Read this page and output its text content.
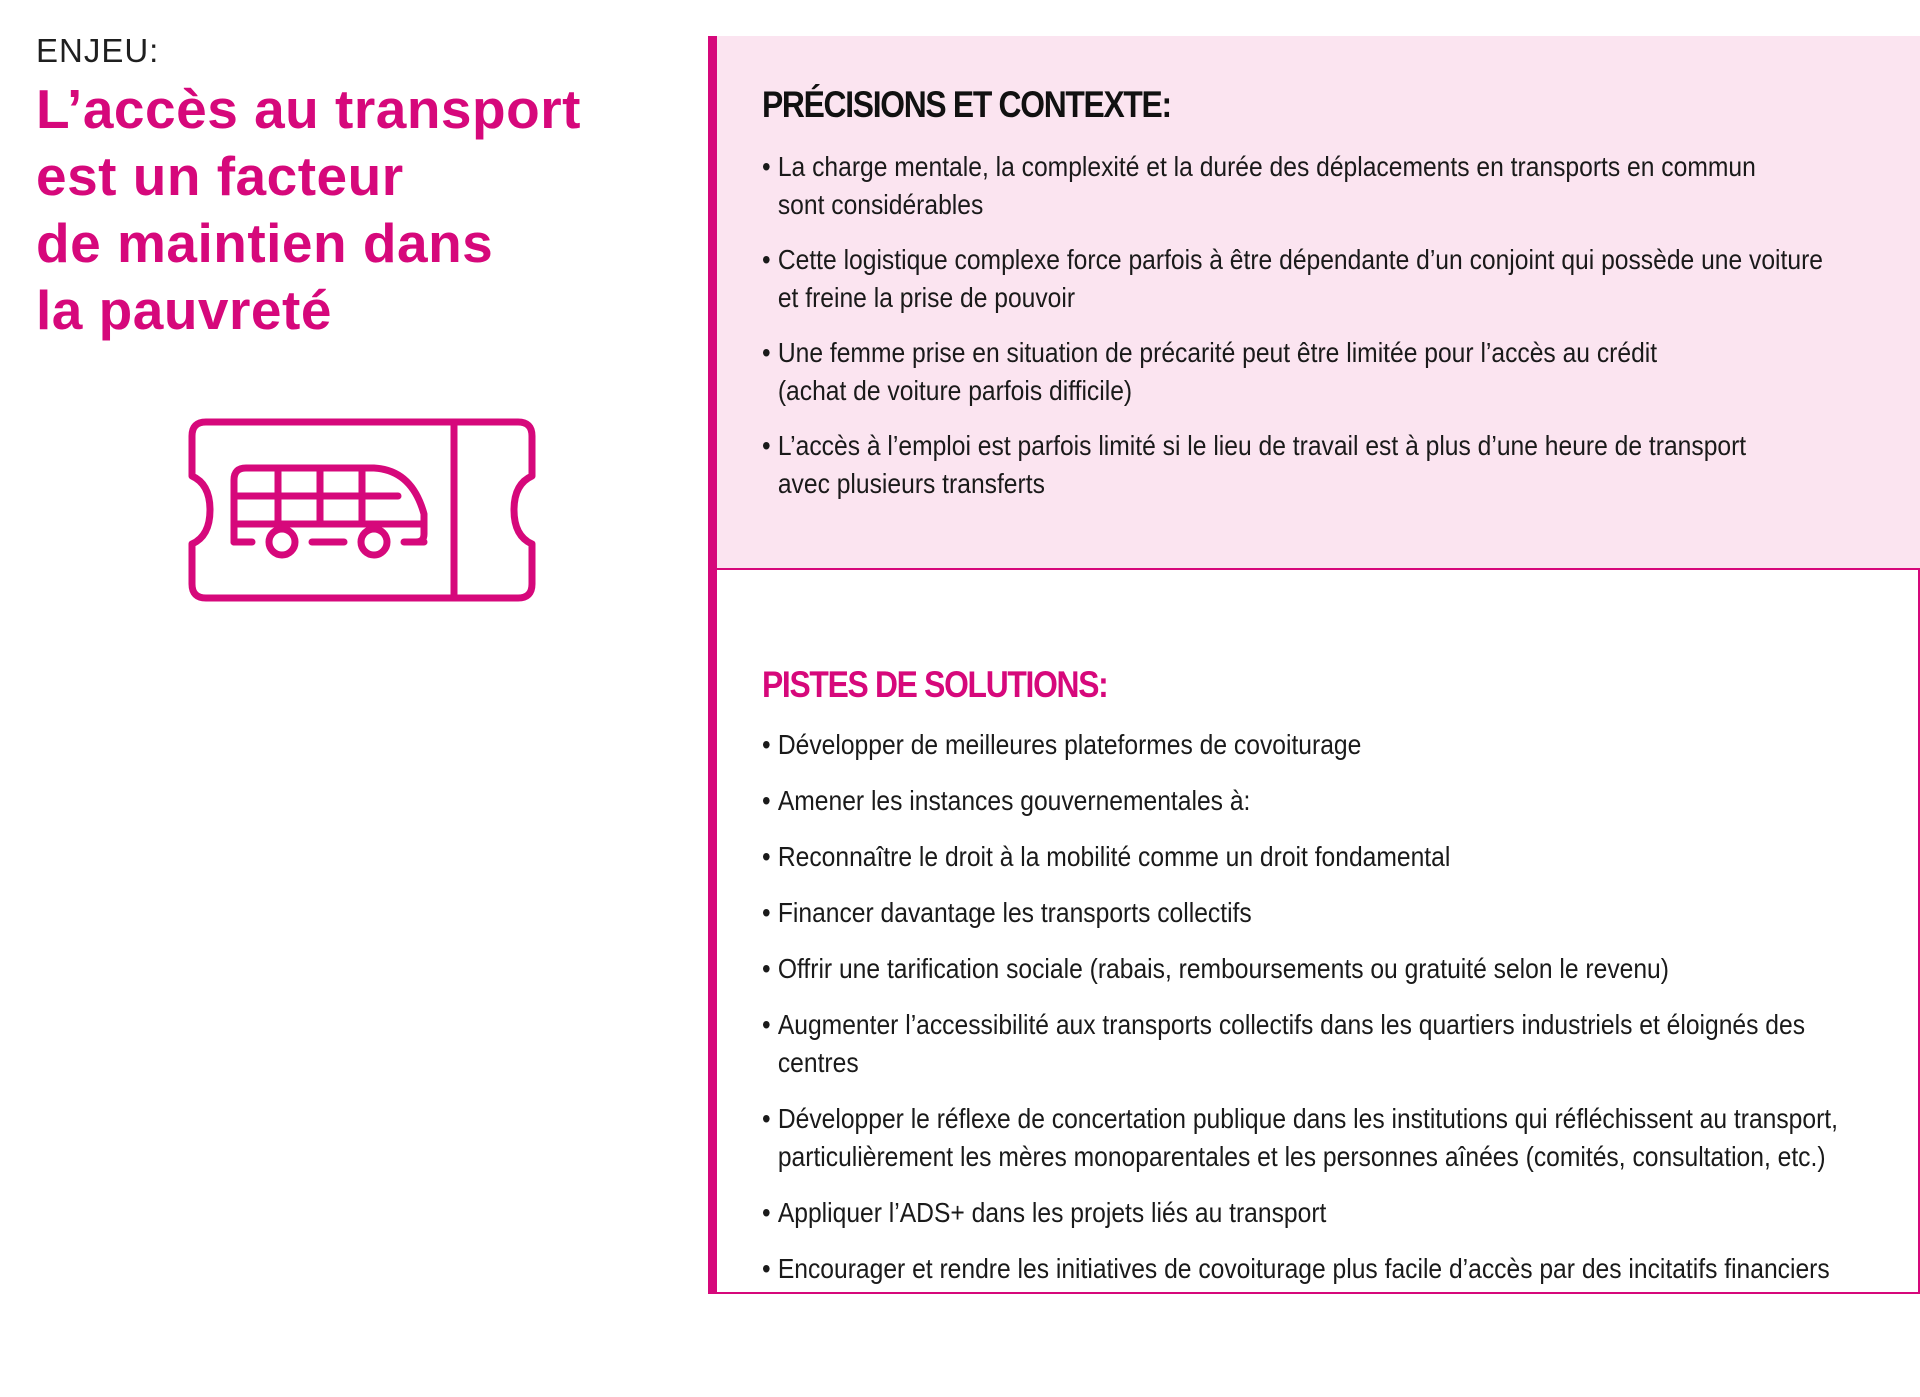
ENJEU:

L’accès au transport
est un facteur
de maintien dans
la pauvreté
PRÉCISIONS ET CONTEXTE:
• La charge mentale, la complexité et la durée des déplacements en transports en commun
sont considérables
• Cette logistique complexe force parfois à être dépendante d’un conjoint qui possède une voiture
et freine la prise de pouvoir
• Une femme prise en situation de précarité peut être limitée pour l’accès au crédit
(achat de voiture parfois difficile)
• L’accès à l’emploi est parfois limité si le lieu de travail est à plus d’une heure de transport
avec plusieurs transferts
PISTES DE SOLUTIONS:
• Développer de meilleures plateformes de covoiturage
• Amener les instances gouvernementales à:
• Reconnaître le droit à la mobilité comme un droit fondamental
• Financer davantage les transports collectifs
• Offrir une tarification sociale (rabais, remboursements ou gratuité selon le revenu)
• Augmenter l’accessibilité aux transports collectifs dans les quartiers industriels et éloignés des centres
• Développer le réflexe de concertation publique dans les institutions qui réfléchissent au transport,
particulièrement les mères monoparentales et les personnes aînées (comités, consultation, etc.)
• Appliquer l’ADS+ dans les projets liés au transport
• Encourager et rendre les initiatives de covoiturage plus facile d’accès par des incitatifs financiers
